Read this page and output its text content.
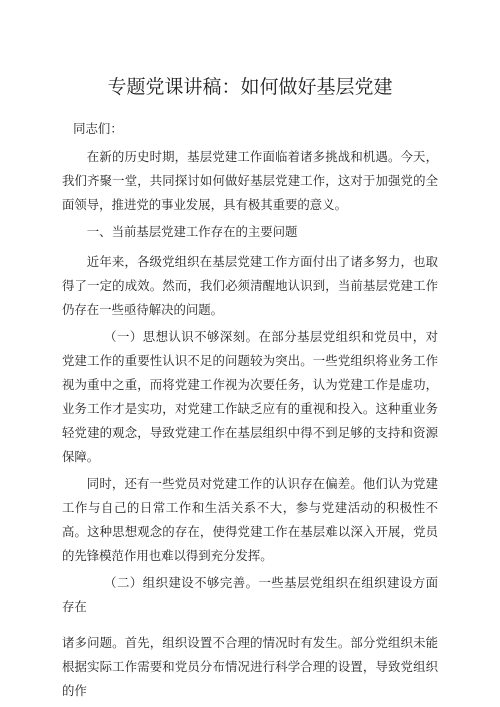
专题党课讲稿：如何做好基层党建

同志们：

在新的历史时期，基层党建工作面临着诸多挑战和机遇。今天，我们齐聚一堂，共同探讨如何做好基层党建工作，这对于加强党的全面领导，推进党的事业发展，具有极其重要的意义。

一、当前基层党建工作存在的主要问题

近年来，各级党组织在基层党建工作方面付出了诸多努力，也取得了一定的成效。然而，我们必须清醒地认识到，当前基层党建工作仍存在一些亟待解决的问题。

（一）思想认识不够深刻。在部分基层党组织和党员中，对党建工作的重要性认识不足的问题较为突出。一些党组织将业务工作视为重中之重，而将党建工作视为次要任务，认为党建工作是虚功，业务工作才是实功，对党建工作缺乏应有的重视和投入。这种重业务轻党建的观念，导致党建工作在基层组织中得不到足够的支持和资源保障。

同时，还有一些党员对党建工作的认识存在偏差。他们认为党建工作与自己的日常工作和生活关系不大，参与党建活动的积极性不高。这种思想观念的存在，使得党建工作在基层难以深入开展，党员的先锋模范作用也难以得到充分发挥。

（二）组织建设不够完善。一些基层党组织在组织建设方面存在

诸多问题。首先，组织设置不合理的情况时有发生。部分党组织未能根据实际工作需要和党员分布情况进行科学合理的设置，导致党组织的作
